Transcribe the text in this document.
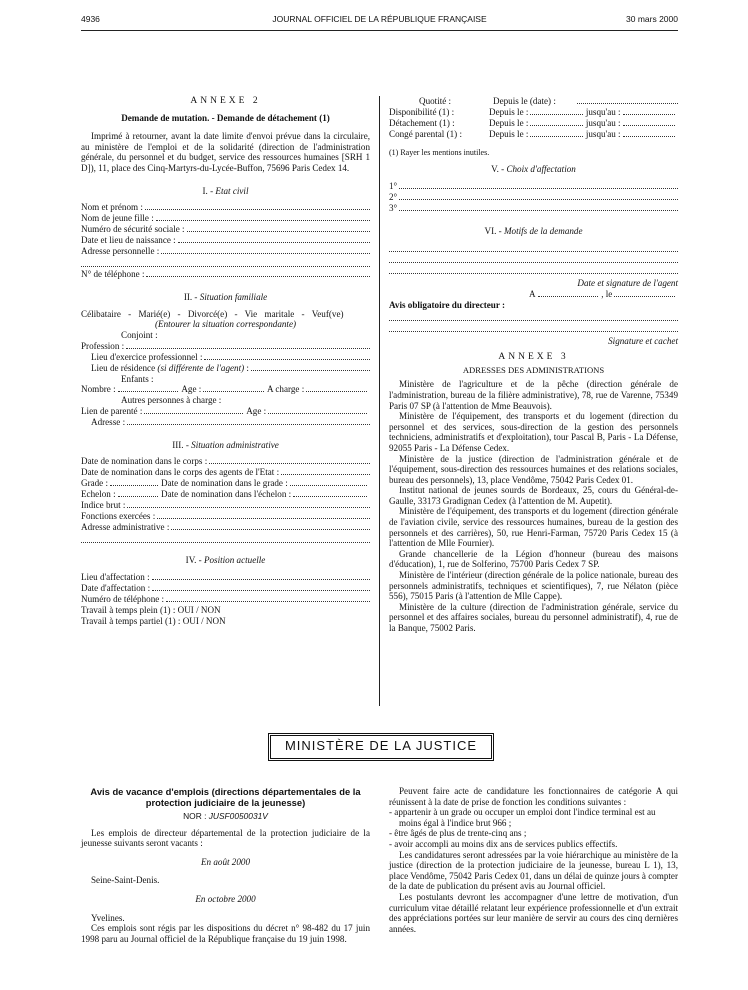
4936	JOURNAL OFFICIEL DE LA RÉPUBLIQUE FRANÇAISE	30 mars 2000
ANNEXE 2
Demande de mutation. - Demande de détachement (1)
Imprimé à retourner, avant la date limite d'envoi prévue dans la circulaire, au ministère de l'emploi et de la solidarité (direction de l'administration générale, du personnel et du budget, service des ressources humaines [SRH 1 D]), 11, place des Cinq-Martyrs-du-Lycée-Buffon, 75696 Paris Cedex 14.
I. - Etat civil
Nom et prénom :
Nom de jeune fille :
Numéro de sécurité sociale :
Date et lieu de naissance :
Adresse personnelle :
N° de téléphone :
II. - Situation familiale
Célibataire - Marié(e) - Divorcé(e) - Vie maritale - Veuf(ve)
(Entourer la situation correspondante)
Conjoint :
Profession :
Lieu d'exercice professionnel :
Lieu de résidence (si différente de l'agent) :
Enfants :
Nombre :	Age :	A charge :
Autres personnes à charge :
Lien de parenté :	Age :
Adresse :
III. - Situation administrative
Date de nomination dans le corps :
Date de nomination dans le corps des agents de l'Etat :
Grade :	Date de nomination dans le grade :
Echelon :	Date de nomination dans l'échelon :
Indice brut :
Fonctions exercées :
Adresse administrative :
IV. - Position actuelle
Lieu d'affectation :
Date d'affectation :
Numéro de téléphone :
Travail à temps plein (1) : OUI / NON
Travail à temps partiel (1) : OUI / NON
Quotité :	Depuis le (date) :
Disponibilité (1) :	Depuis le :	jusqu'au :
Détachement (1) :	Depuis le :	jusqu'au :
Congé parental (1) :	Depuis le :	jusqu'au :
(1) Rayer les mentions inutiles.
V. - Choix d'affectation
1°
2°
3°
VI. - Motifs de la demande
Date et signature de l'agent
A	, le
Avis obligatoire du directeur :
Signature et cachet
ANNEXE 3
ADRESSES DES ADMINISTRATIONS
Ministère de l'agriculture et de la pêche (direction générale de l'administration, bureau de la filière administrative), 78, rue de Varenne, 75349 Paris 07 SP (à l'attention de Mme Beauvois).
Ministère de l'équipement, des transports et du logement (direction du personnel et des services, sous-direction de la gestion des personnels techniciens, administratifs et d'exploitation), tour Pascal B, Paris - La Défense, 92055 Paris - La Défense Cedex.
Ministère de la justice (direction de l'administration générale et de l'équipement, sous-direction des ressources humaines et des relations sociales, bureau des personnels), 13, place Vendôme, 75042 Paris Cedex 01.
Institut national de jeunes sourds de Bordeaux, 25, cours du Général-de-Gaulle, 33173 Gradignan Cedex (à l'attention de M. Aupetit).
Ministère de l'équipement, des transports et du logement (direction générale de l'aviation civile, service des ressources humaines, bureau de la gestion des personnels et des carrières), 50, rue Henri-Farman, 75720 Paris Cedex 15 (à l'attention de Mlle Fournier).
Grande chancellerie de la Légion d'honneur (bureau des maisons d'éducation), 1, rue de Solferino, 75700 Paris Cedex 7 SP.
Ministère de l'intérieur (direction générale de la police nationale, bureau des personnels administratifs, techniques et scientifiques), 7, rue Nélaton (pièce 556), 75015 Paris (à l'attention de Mlle Cappe).
Ministère de la culture (direction de l'administration générale, service du personnel et des affaires sociales, bureau du personnel administratif), 4, rue de la Banque, 75002 Paris.
MINISTÈRE DE LA JUSTICE
Avis de vacance d'emplois (directions départementales de la protection judiciaire de la jeunesse)
NOR : JUSF0050031V
Les emplois de directeur départemental de la protection judiciaire de la jeunesse suivants seront vacants :
En août 2000
Seine-Saint-Denis.
En octobre 2000
Yvelines.
Ces emplois sont régis par les dispositions du décret n° 98-482 du 17 juin 1998 paru au Journal officiel de la République française du 19 juin 1998.
Peuvent faire acte de candidature les fonctionnaires de catégorie A qui réunissent à la date de prise de fonction les conditions suivantes :
- appartenir à un grade ou occuper un emploi dont l'indice terminal est au moins égal à l'indice brut 966 ;
- être âgés de plus de trente-cinq ans ;
- avoir accompli au moins dix ans de services publics effectifs.
Les candidatures seront adressées par la voie hiérarchique au ministère de la justice (direction de la protection judiciaire de la jeunesse, bureau L 1), 13, place Vendôme, 75042 Paris Cedex 01, dans un délai de quinze jours à compter de la date de publication du présent avis au Journal officiel.
Les postulants devront les accompagner d'une lettre de motivation, d'un curriculum vitae détaillé relatant leur expérience professionnelle et d'un extrait des appréciations portées sur leur manière de servir au cours des cinq dernières années.
